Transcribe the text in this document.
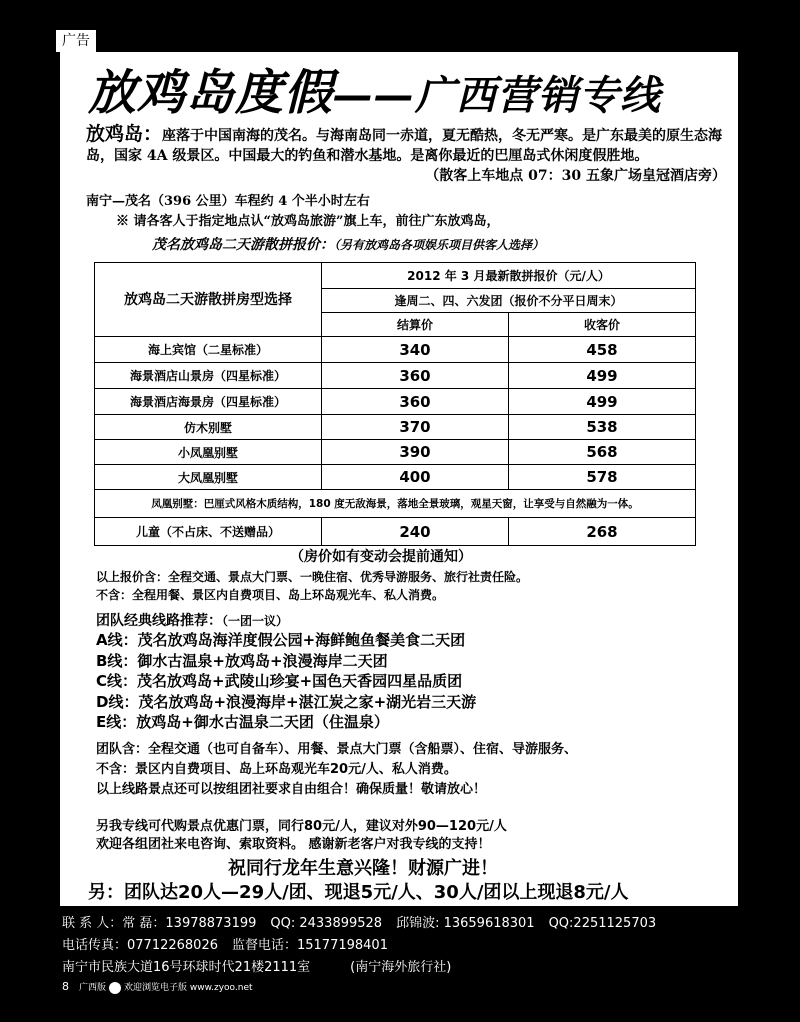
广告
放鸡岛度假——广西营销专线
放鸡岛：座落于中国南海的茂名。与海南岛同一赤道，夏无酷热，冬无严寒。是广东最美的原生态海岛，国家 4A 级景区。中国最大的钓鱼和潜水基地。是离你最近的巴厘岛式休闲度假胜地。
（散客上车地点 07：30 五象广场皇冠酒店旁）
南宁—茂名（396 公里）车程约 4 个半小时左右
※ 请各客人于指定地点认“放鸡岛旅游”旗上车，前往广东放鸡岛，
茂名放鸡岛二天游散拼报价：（另有放鸡岛各项娱乐项目供客人选择）
放鸡岛二天游散拼房型选择	2012 年 3 月最新散拼报价（元/人）	
	逢周二、四、六发团（报价不分平日周末）	
	结算价	收客价
海上宾馆（二星标准）	340	458
海景酒店山景房（四星标准）	360	499
海景酒店海景房（四星标准）	360	499
仿木别墅	370	538
小凤凰别墅	390	568
大凤凰别墅	400	578
凤凰别墅：巴厘式风格木质结构，180 度无敌海景，落地全景玻璃，观星天窗，让享受与自然融为一体。		
儿童（不占床、不送赠品）	240	268
（房价如有变动会提前通知）
以上报价含：全程交通、景点大门票、一晚住宿、优秀导游服务、旅行社责任险。
不含：全程用餐、景区内自费项目、岛上环岛观光车、私人消费。
团队经典线路推荐：（一团一议）
A线：茂名放鸡岛海洋度假公园+海鲜鲍鱼餐美食二天团
B线：御水古温泉+放鸡岛+浪漫海岸二天团
C线：茂名放鸡岛+武陵山珍宴+国色天香园四星品质团
D线：茂名放鸡岛+浪漫海岸+湛江炭之家+湖光岩三天游
E线：放鸡岛+御水古温泉二天团（住温泉）
团队含：全程交通（也可自备车）、用餐、景点大门票（含船票）、住宿、导游服务、
不含：景区内自费项目、岛上环岛观光车20元/人、私人消费。
以上线路景点还可以按组团社要求自由组合！确保质量！敬请放心！
另我专线可代购景点优惠门票，同行80元/人，建议对外90—120元/人
欢迎各组团社来电咨询、索取资料。 感谢新老客户对我专线的支持！
祝同行龙年生意兴隆！财源广进！
另：团队达20人—29人/团、现退5元/人、30人/团以上现退8元/人
联 系 人：常 磊：13978873199 QQ: 2433899528 邱锦波: 13659618301 QQ:2251125703
电话传真：07712268026 监督电话：15177198401
南宁市民族大道16号环球时代21楼2111室	(南宁海外旅行社)
8 广西版 欢迎浏览电子版 www.zyoo.net
